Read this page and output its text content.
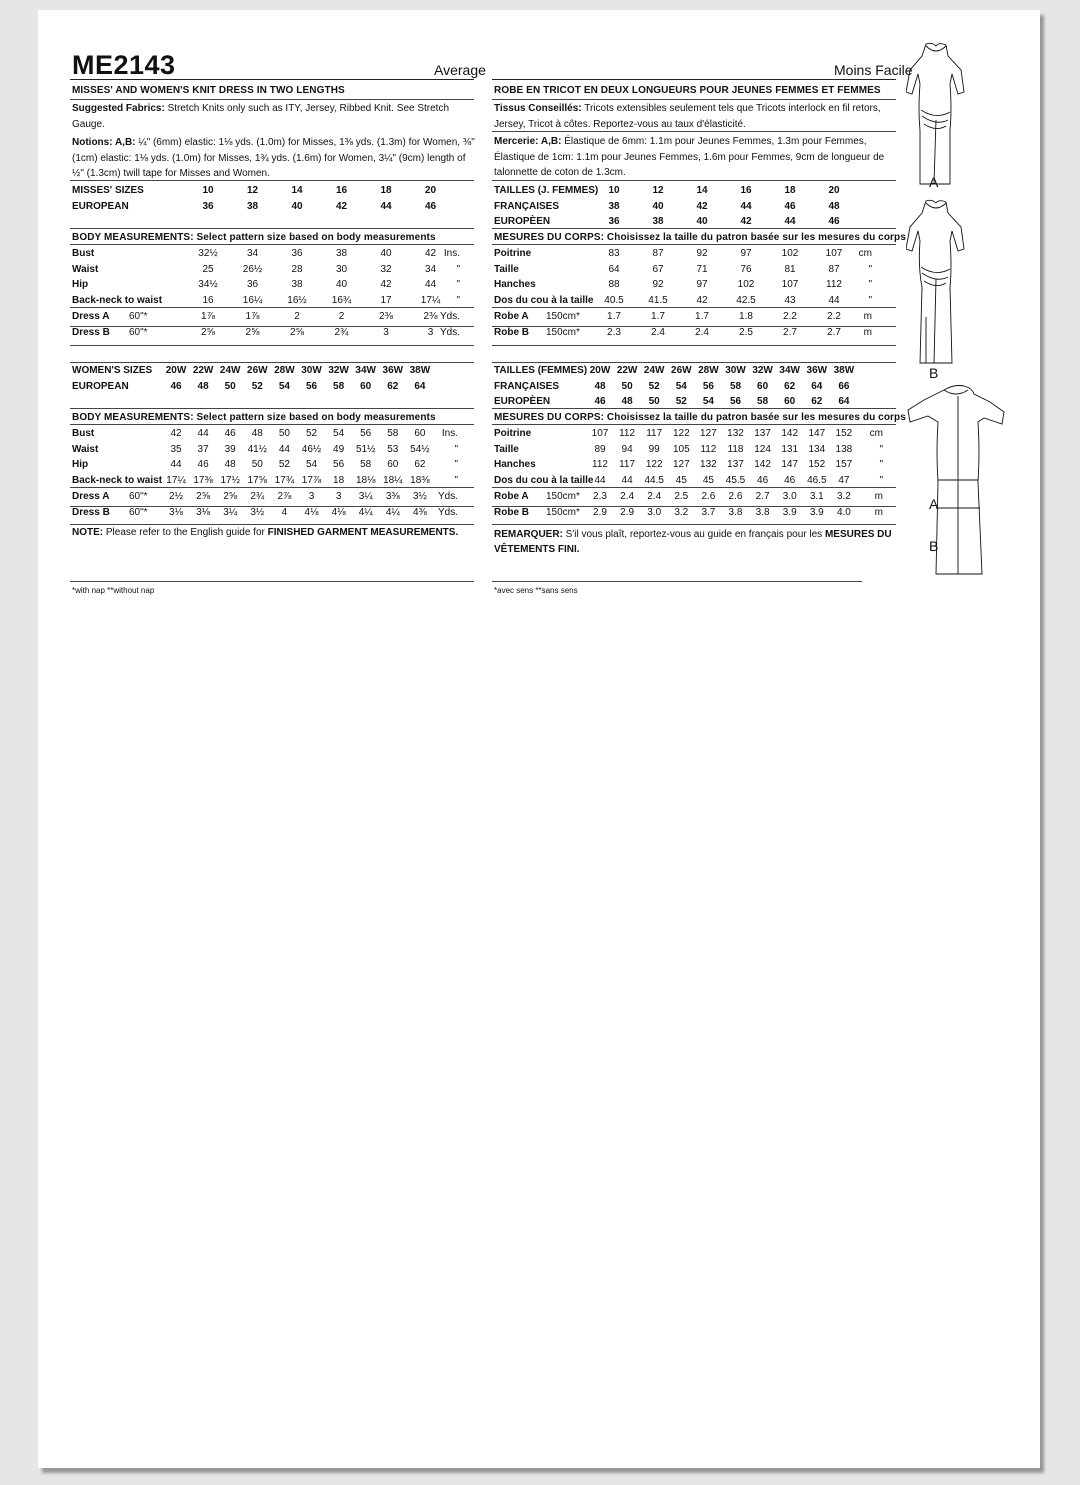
ME2143	Average	Moins Facile
MISSES' AND WOMEN'S KNIT DRESS IN TWO LENGTHS
Suggested Fabrics: Stretch Knits only such as ITY, Jersey, Ribbed Knit. See Stretch Gauge.
Notions: A,B: ¼" (6mm) elastic: 1⅛ yds. (1.0m) for Misses, 1⅜ yds. (1.3m) for Women, ⅜" (1cm) elastic: 1⅛ yds. (1.0m) for Misses, 1¾ yds. (1.6m) for Women, 3¼" (9cm) length of ½" (1.3cm) twill tape for Misses and Women.
MISSES' SIZES	10	12	14	16	18	20
EUROPEAN	36	38	40	42	44	46
BODY MEASUREMENTS: Select pattern size based on body measurements
Bust	32½	34	36	38	40	42 Ins.
Waist	25	26½	28	30	32	34	"
Hip	34½	36	38	40	42	44	"
Back-neck to waist	16	16¼	16½	16¾	17	17¼	"
Dress A 60"*	1⅞	1⅞	2	2	2⅜	2⅜ Yds.
Dress B 60"*	2⅝	2⅝	2⅝	2¾	3	3 Yds.
WOMEN'S SIZES	20W 22W 24W 26W 28W 30W 32W 34W 36W 38W
EUROPEAN	46	48	50	52	54	56	58	60	62	64
BODY MEASUREMENTS: Select pattern size based on body measurements
Bust	42	44	46	48	50	52	54	56	58	60	Ins.
Waist	35	37	39	41½	44	46½	49	51½	53	54½	"
Hip	44	46	48	50	52	54	56	58	60	62	"
Back-neck to waist 17¼ 17⅜ 17½ 17⅝ 17¾ 17⅞	18	18⅛ 18¼ 18⅜	"
Dress A 60"*	2½	2⅝	2⅝	2¾	2⅞	3	3	3¼	3⅜	3½	Yds.
Dress B 60"*	3⅛	3⅛	3¼	3½	4	4⅛	4⅛	4¼	4¼	4⅜	Yds.
NOTE: Please refer to the English guide for FINISHED GARMENT MEASUREMENTS.
*with nap **without nap
ROBE EN TRICOT EN DEUX LONGUEURS POUR JEUNES FEMMES ET FEMMES
Tissus Conseillés: Tricots extensibles seulement tels que Tricots interlock en fil retors, Jersey, Tricot à côtes. Reportez-vous au taux d'élasticité.
Mercerie: A,B: Élastique de 6mm: 1.1m pour Jeunes Femmes, 1.3m pour Femmes, Élastique de 1cm: 1.1m pour Jeunes Femmes, 1.6m pour Femmes, 9cm de longueur de talonnette de coton de 1.3cm.
TAILLES (J. FEMMES)	10	12	14	16	18	20
FRANÇAISES	38	40	42	44	46	48
EUROPÈEN	36	38	40	42	44	46
MESURES DU CORPS: Choisissez la taille du patron basée sur les mesures du corps
Poitrine	83	87	92	97	102	107	cm
Taille	64	67	71	76	81	87	"
Hanches	88	92	97	102	107	112	"
Dos du cou à la taille	40.5	41.5	42	42.5	43	44	"
Robe A 150cm*	1.7	1.7	1.7	1.8	2.2	2.2	m
Robe B 150cm*	2.3	2.4	2.4	2.5	2.7	2.7	m
TAILLES (FEMMES) 20W 22W 24W 26W 28W 30W 32W 34W 36W 38W
FRANÇAISES	48	50	52	54	56	58	60	62	64	66
EUROPÈEN	46	48	50	52	54	56	58	60	62	64
MESURES DU CORPS: Choisissez la taille du patron basée sur les mesures du corps
Poitrine	107	112	117	122	127	132	137	142	147	152	cm
Taille	89	94	99	105	112	118	124	131	134	138	"
Hanches	112	117	122	127	132	137	142	147	152	157	"
Dos du cou à la taille 44	44	44.5	45	45	45.5	46	46	46.5	47	"
Robe A 150cm*	2.3	2.4	2.4	2.5	2.6	2.6	2.7	3.0	3.1	3.2	m
Robe B 150cm*	2.9	2.9	3.0	3.2	3.7	3.8	3.8	3.9	3.9	4.0	m
REMARQUER: S'il vous plaît, reportez-vous au guide en français pour les MESURES DU VÊTEMENTS FINI.
*avec sens **sans sens
A
B
A
B
